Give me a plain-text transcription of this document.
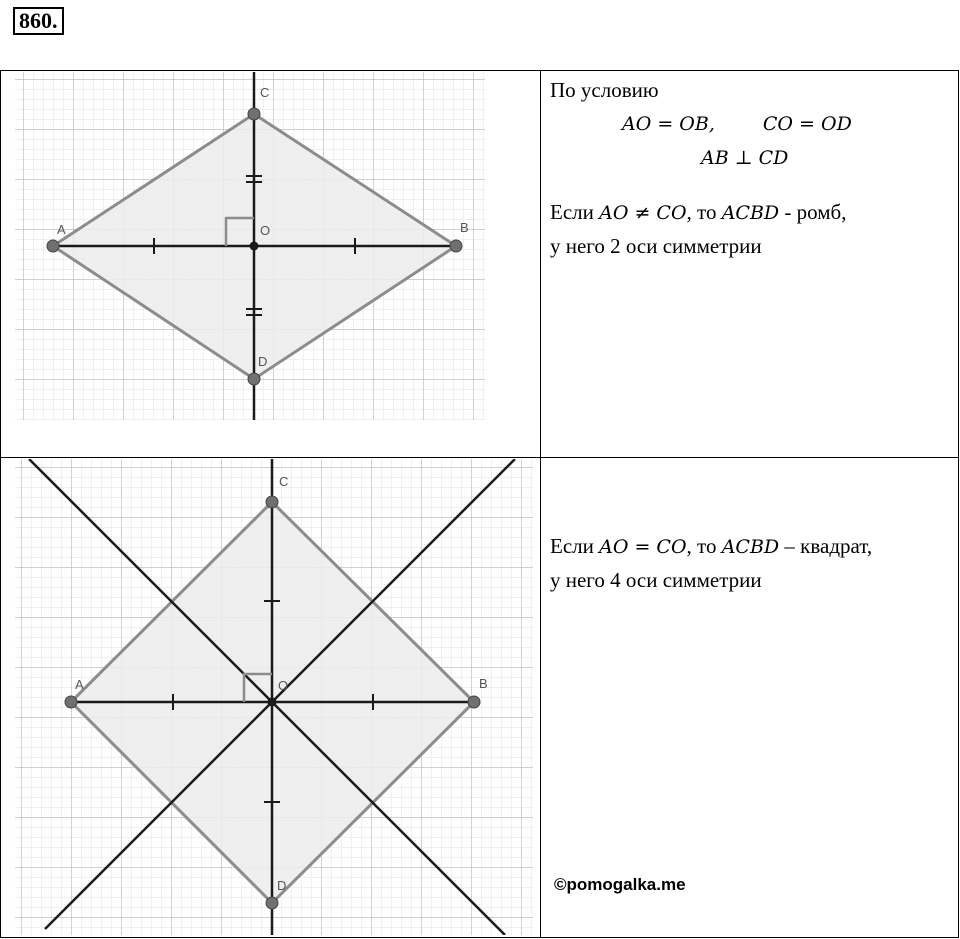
860.
A B
C
D
O	По условию
AO = OB, CO = OD
AB ⊥ CD
Если AO ≠ CO, то ACBD - ромб,
у него 2 оси симметрии

A B
C
D
O	Если AO = CO, то ACBD – квадрат,
у него 4 оси симметрии
©pomogalka.me
